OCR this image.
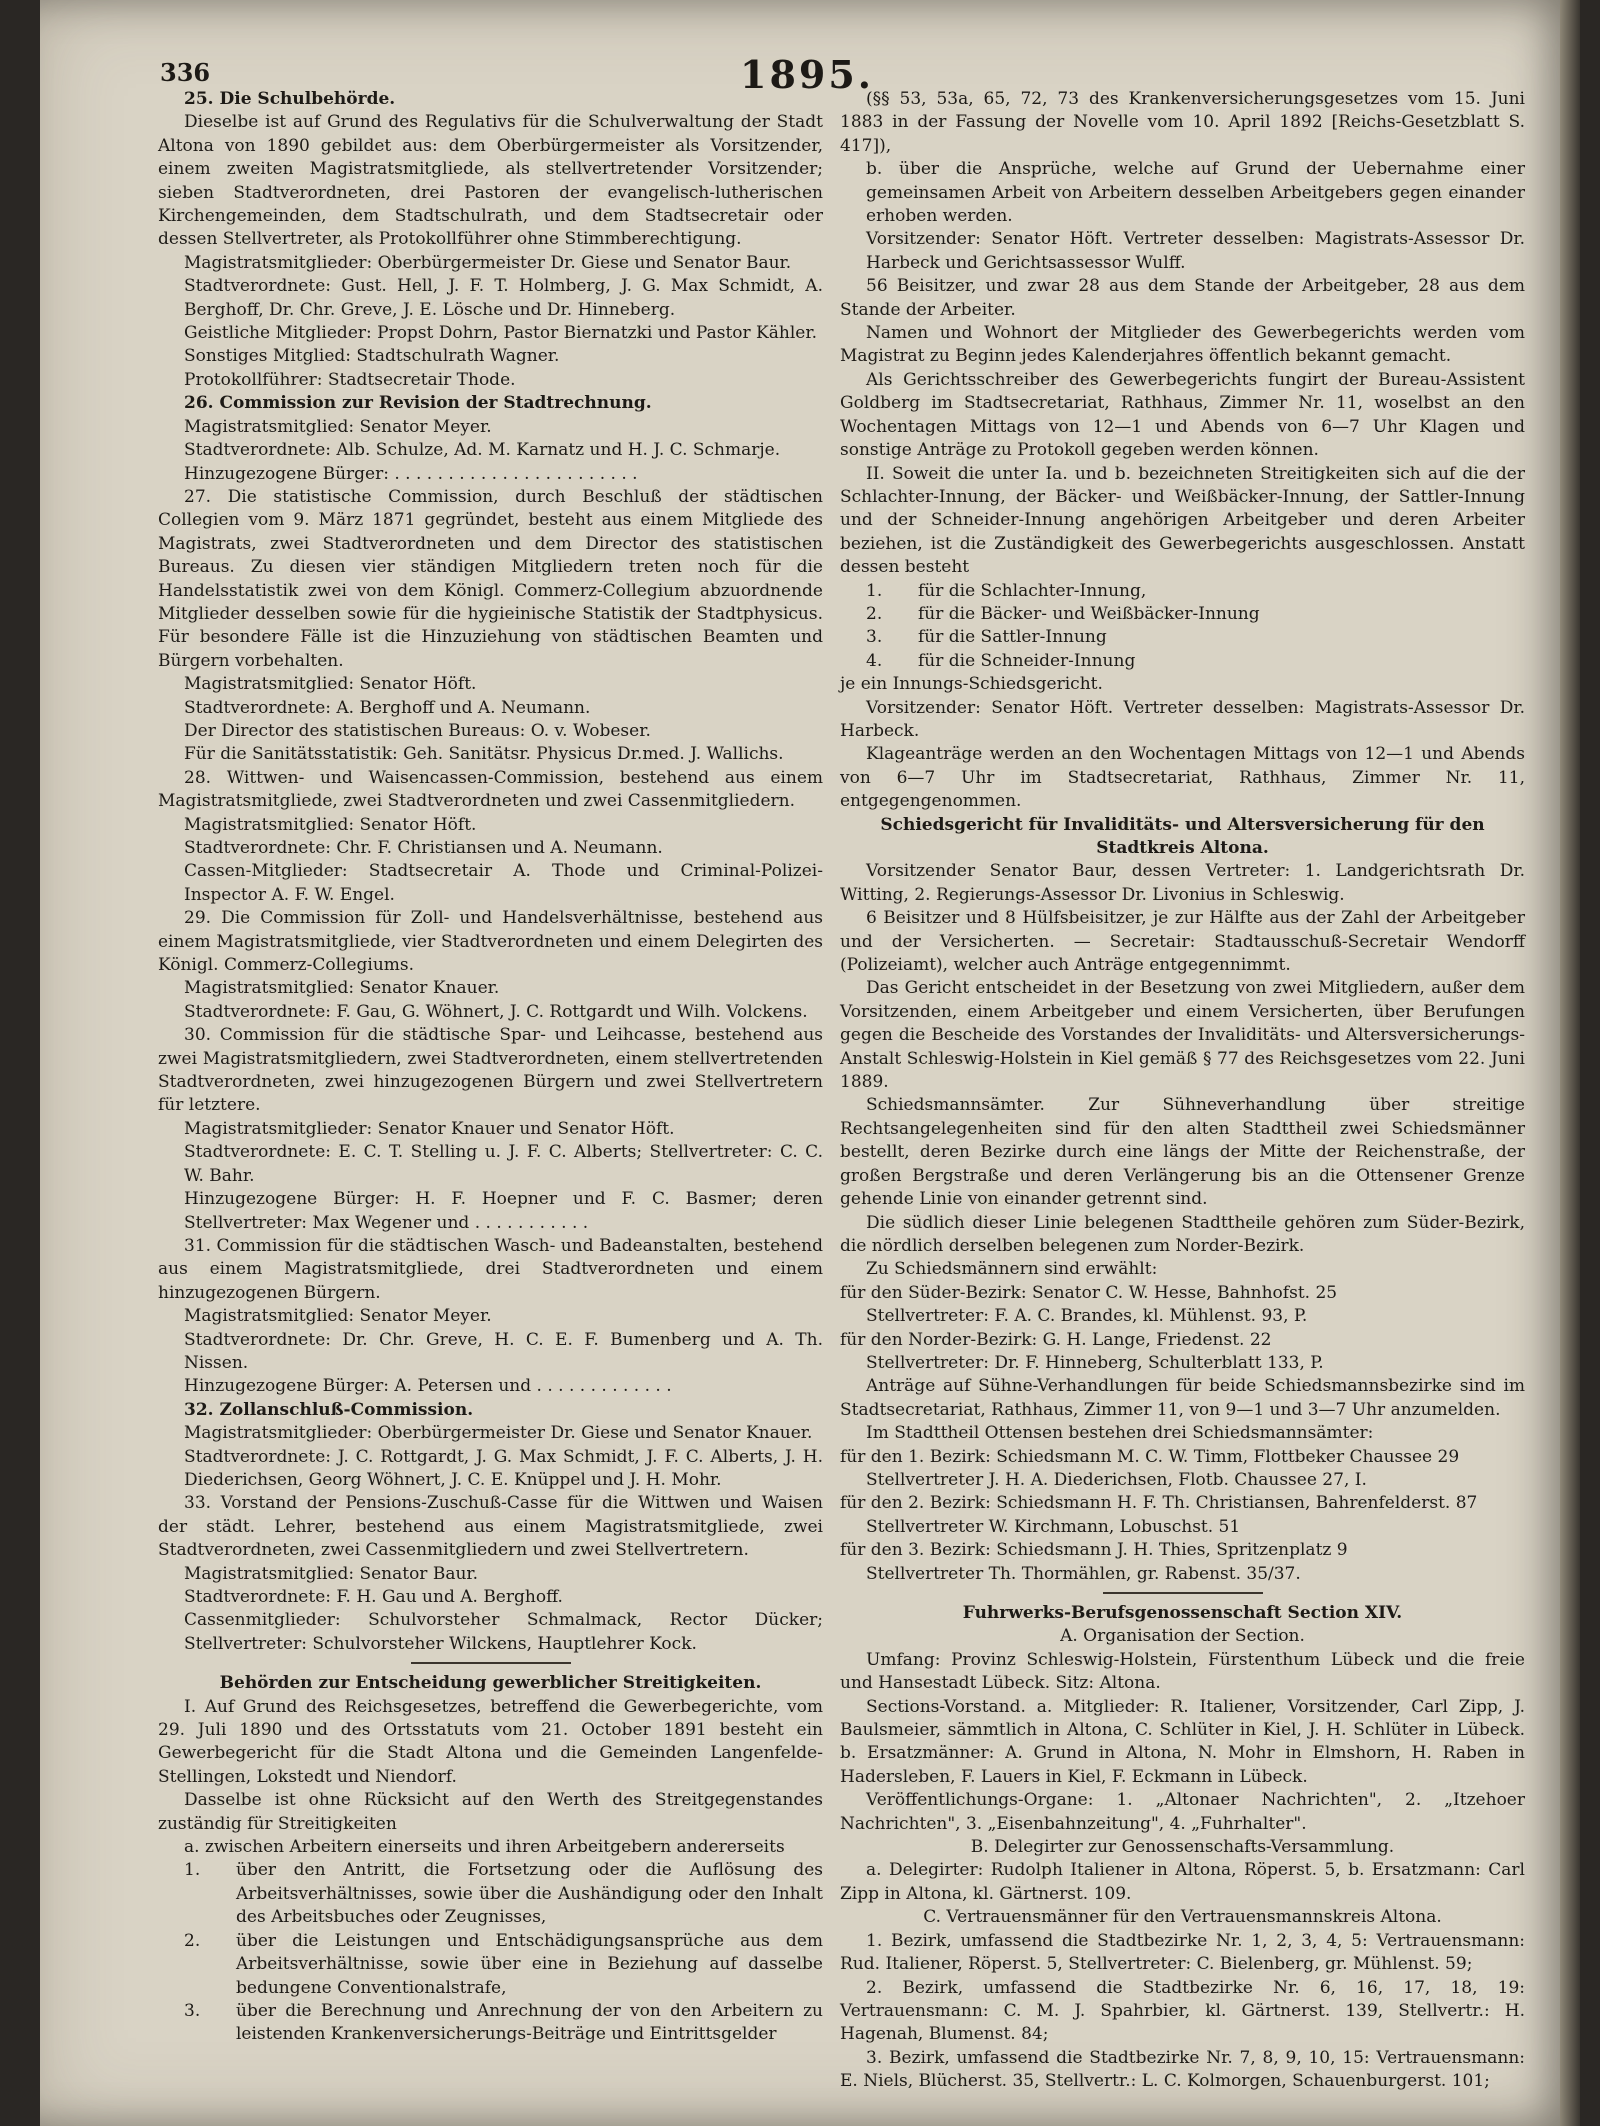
336	1895.

25. Die Schulbehörde.

Dieselbe ist auf Grund des Regulativs für die Schulverwaltung der Stadt Altona von 1890 gebildet aus: dem Oberbürgermeister als Vorsitzender, einem zweiten Magistratsmitgliede, als stellvertretender Vorsitzender; sieben Stadtverordneten, drei Pastoren der evangelisch-lutherischen Kirchengemeinden, dem Stadtschulrath, und dem Stadtsecretair oder dessen Stellvertreter, als Protokollführer ohne Stimmberechtigung.

Magistratsmitglieder: Oberbürgermeister Dr. Giese und Senator Baur.

Stadtverordnete: Gust. Hell, J. F. T. Holmberg, J. G. Max Schmidt, A. Berghoff, Dr. Chr. Greve, J. E. Lösche und Dr. Hinneberg.

Geistliche Mitglieder: Propst Dohrn, Pastor Biernatzki und Pastor Kähler.

Sonstiges Mitglied: Stadtschulrath Wagner.

Protokollführer: Stadtsecretair Thode.

26. Commission zur Revision der Stadtrechnung.

Magistratsmitglied: Senator Meyer.

Stadtverordnete: Alb. Schulze, Ad. M. Karnatz und H. J. C. Schmarje.

Hinzugezogene Bürger: . . . . . . . . . . . . . . . . . . . . . . .

27. Die statistische Commission, durch Beschluß der städtischen Collegien vom 9. März 1871 gegründet, besteht aus einem Mitgliede des Magistrats, zwei Stadtverordneten und dem Director des statistischen Bureaus. Zu diesen vier ständigen Mitgliedern treten noch für die Handelsstatistik zwei von dem Königl. Commerz-Collegium abzuordnende Mitglieder desselben sowie für die hygieinische Statistik der Stadtphysicus. Für besondere Fälle ist die Hinzuziehung von städtischen Beamten und Bürgern vorbehalten.

Magistratsmitglied: Senator Höft.

Stadtverordnete: A. Berghoff und A. Neumann.

Der Director des statistischen Bureaus: O. v. Wobeser.

Für die Sanitätsstatistik: Geh. Sanitätsr. Physicus Dr.med. J. Wallichs.

28. Wittwen- und Waisencassen-Commission, bestehend aus einem Magistratsmitgliede, zwei Stadtverordneten und zwei Cassenmitgliedern.

Magistratsmitglied: Senator Höft.

Stadtverordnete: Chr. F. Christiansen und A. Neumann.

Cassen-Mitglieder: Stadtsecretair A. Thode und Criminal-Polizei-Inspector A. F. W. Engel.

29. Die Commission für Zoll- und Handelsverhältnisse, bestehend aus einem Magistratsmitgliede, vier Stadtverordneten und einem Delegirten des Königl. Commerz-Collegiums.

Magistratsmitglied: Senator Knauer.

Stadtverordnete: F. Gau, G. Wöhnert, J. C. Rottgardt und Wilh. Volckens.

30. Commission für die städtische Spar- und Leihcasse, bestehend aus zwei Magistratsmitgliedern, zwei Stadtverordneten, einem stellvertretenden Stadtverordneten, zwei hinzugezogenen Bürgern und zwei Stellvertretern für letztere.

Magistratsmitglieder: Senator Knauer und Senator Höft.

Stadtverordnete: E. C. T. Stelling u. J. F. C. Alberts; Stellvertreter: C. C. W. Bahr.

Hinzugezogene Bürger: H. F. Hoepner und F. C. Basmer; deren Stellvertreter: Max Wegener und . . . . . . . . . . .

31. Commission für die städtischen Wasch- und Badeanstalten, bestehend aus einem Magistratsmitgliede, drei Stadtverordneten und einem hinzugezogenen Bürgern.

Magistratsmitglied: Senator Meyer.

Stadtverordnete: Dr. Chr. Greve, H. C. E. F. Bumenberg und A. Th. Nissen.

Hinzugezogene Bürger: A. Petersen und . . . . . . . . . . . . .

32. Zollanschluß-Commission.

Magistratsmitglieder: Oberbürgermeister Dr. Giese und Senator Knauer.

Stadtverordnete: J. C. Rottgardt, J. G. Max Schmidt, J. F. C. Alberts, J. H. Diederichsen, Georg Wöhnert, J. C. E. Knüppel und J. H. Mohr.

33. Vorstand der Pensions-Zuschuß-Casse für die Wittwen und Waisen der städt. Lehrer, bestehend aus einem Magistratsmitgliede, zwei Stadtverordneten, zwei Cassenmitgliedern und zwei Stellvertretern.

Magistratsmitglied: Senator Baur.

Stadtverordnete: F. H. Gau und A. Berghoff.

Cassenmitglieder: Schulvorsteher Schmalmack, Rector Dücker; Stellvertreter: Schulvorsteher Wilckens, Hauptlehrer Kock.

Behörden zur Entscheidung gewerblicher Streitigkeiten.

I. Auf Grund des Reichsgesetzes, betreffend die Gewerbegerichte, vom 29. Juli 1890 und des Ortsstatuts vom 21. October 1891 besteht ein Gewerbegericht für die Stadt Altona und die Gemeinden Langenfelde-Stellingen, Lokstedt und Niendorf.

Dasselbe ist ohne Rücksicht auf den Werth des Streitgegenstandes zuständig für Streitigkeiten

a. zwischen Arbeitern einerseits und ihren Arbeitgebern andererseits

1.	über den Antritt, die Fortsetzung oder die Auflösung des Arbeitsverhältnisses, sowie über die Aushändigung oder den Inhalt des Arbeitsbuches oder Zeugnisses,
2.	über die Leistungen und Entschädigungsansprüche aus dem Arbeitsverhältnisse, sowie über eine in Beziehung auf dasselbe bedungene Conventionalstrafe,
3.	über die Berechnung und Anrechnung der von den Arbeitern zu leistenden Krankenversicherungs-Beiträge und Eintrittsgelder

(§§ 53, 53a, 65, 72, 73 des Krankenversicherungsgesetzes vom 15. Juni 1883 in der Fassung der Novelle vom 10. April 1892 [Reichs-Gesetzblatt S. 417]),

b. über die Ansprüche, welche auf Grund der Uebernahme einer gemeinsamen Arbeit von Arbeitern desselben Arbeitgebers gegen einander erhoben werden.

Vorsitzender: Senator Höft. Vertreter desselben: Magistrats-Assessor Dr. Harbeck und Gerichtsassessor Wulff.

56 Beisitzer, und zwar 28 aus dem Stande der Arbeitgeber, 28 aus dem Stande der Arbeiter.

Namen und Wohnort der Mitglieder des Gewerbegerichts werden vom Magistrat zu Beginn jedes Kalenderjahres öffentlich bekannt gemacht.

Als Gerichtsschreiber des Gewerbegerichts fungirt der Bureau-Assistent Goldberg im Stadtsecretariat, Rathhaus, Zimmer Nr. 11, woselbst an den Wochentagen Mittags von 12—1 und Abends von 6—7 Uhr Klagen und sonstige Anträge zu Protokoll gegeben werden können.

II. Soweit die unter Ia. und b. bezeichneten Streitigkeiten sich auf die der Schlachter-Innung, der Bäcker- und Weißbäcker-Innung, der Sattler-Innung und der Schneider-Innung angehörigen Arbeitgeber und deren Arbeiter beziehen, ist die Zuständigkeit des Gewerbegerichts ausgeschlossen. Anstatt dessen besteht

1.	für die Schlachter-Innung,
2.	für die Bäcker- und Weißbäcker-Innung
3.	für die Sattler-Innung
4.	für die Schneider-Innung

je ein Innungs-Schiedsgericht.

Vorsitzender: Senator Höft. Vertreter desselben: Magistrats-Assessor Dr. Harbeck.

Klageanträge werden an den Wochentagen Mittags von 12—1 und Abends von 6—7 Uhr im Stadtsecretariat, Rathhaus, Zimmer Nr. 11, entgegengenommen.

Schiedsgericht für Invaliditäts- und Altersversicherung für den Stadtkreis Altona.

Vorsitzender Senator Baur, dessen Vertreter: 1. Landgerichtsrath Dr. Witting, 2. Regierungs-Assessor Dr. Livonius in Schleswig.

6 Beisitzer und 8 Hülfsbeisitzer, je zur Hälfte aus der Zahl der Arbeitgeber und der Versicherten. — Secretair: Stadtausschuß-Secretair Wendorff (Polizeiamt), welcher auch Anträge entgegennimmt.

Das Gericht entscheidet in der Besetzung von zwei Mitgliedern, außer dem Vorsitzenden, einem Arbeitgeber und einem Versicherten, über Berufungen gegen die Bescheide des Vorstandes der Invaliditäts- und Altersversicherungs-Anstalt Schleswig-Holstein in Kiel gemäß § 77 des Reichsgesetzes vom 22. Juni 1889.

Schiedsmannsämter. Zur Sühneverhandlung über streitige Rechtsangelegenheiten sind für den alten Stadttheil zwei Schiedsmänner bestellt, deren Bezirke durch eine längs der Mitte der Reichenstraße, der großen Bergstraße und deren Verlängerung bis an die Ottensener Grenze gehende Linie von einander getrennt sind.

Die südlich dieser Linie belegenen Stadttheile gehören zum Süder-Bezirk, die nördlich derselben belegenen zum Norder-Bezirk.

Zu Schiedsmännern sind erwählt:

für den Süder-Bezirk: Senator C. W. Hesse, Bahnhofst. 25

Stellvertreter: F. A. C. Brandes, kl. Mühlenst. 93, P.

für den Norder-Bezirk: G. H. Lange, Friedenst. 22

Stellvertreter: Dr. F. Hinneberg, Schulterblatt 133, P.

Anträge auf Sühne-Verhandlungen für beide Schiedsmannsbezirke sind im Stadtsecretariat, Rathhaus, Zimmer 11, von 9—1 und 3—7 Uhr anzumelden.

Im Stadttheil Ottensen bestehen drei Schiedsmannsämter:

für den 1. Bezirk: Schiedsmann M. C. W. Timm, Flottbeker Chaussee 29

Stellvertreter J. H. A. Diederichsen, Flotb. Chaussee 27, I.

für den 2. Bezirk: Schiedsmann H. F. Th. Christiansen, Bahrenfelderst. 87

Stellvertreter W. Kirchmann, Lobuschst. 51

für den 3. Bezirk: Schiedsmann J. H. Thies, Spritzenplatz 9

Stellvertreter Th. Thormählen, gr. Rabenst. 35/37.

Fuhrwerks-Berufsgenossenschaft Section XIV.

A. Organisation der Section.

Umfang: Provinz Schleswig-Holstein, Fürstenthum Lübeck und die freie und Hansestadt Lübeck. Sitz: Altona.

Sections-Vorstand. a. Mitglieder: R. Italiener, Vorsitzender, Carl Zipp, J. Baulsmeier, sämmtlich in Altona, C. Schlüter in Kiel, J. H. Schlüter in Lübeck. b. Ersatzmänner: A. Grund in Altona, N. Mohr in Elmshorn, H. Raben in Hadersleben, F. Lauers in Kiel, F. Eckmann in Lübeck.

Veröffentlichungs-Organe: 1. „Altonaer Nachrichten", 2. „Itzehoer Nachrichten", 3. „Eisenbahnzeitung", 4. „Fuhrhalter".

B. Delegirter zur Genossenschafts-Versammlung.

a. Delegirter: Rudolph Italiener in Altona, Röperst. 5, b. Ersatzmann: Carl Zipp in Altona, kl. Gärtnerst. 109.

C. Vertrauensmänner für den Vertrauensmannskreis Altona.

1. Bezirk, umfassend die Stadtbezirke Nr. 1, 2, 3, 4, 5: Vertrauensmann: Rud. Italiener, Röperst. 5, Stellvertreter: C. Bielenberg, gr. Mühlenst. 59;

2. Bezirk, umfassend die Stadtbezirke Nr. 6, 16, 17, 18, 19: Vertrauensmann: C. M. J. Spahrbier, kl. Gärtnerst. 139, Stellvertr.: H. Hagenah, Blumenst. 84;

3. Bezirk, umfassend die Stadtbezirke Nr. 7, 8, 9, 10, 15: Vertrauensmann: E. Niels, Blücherst. 35, Stellvertr.: L. C. Kolmorgen, Schauenburgerst. 101;
